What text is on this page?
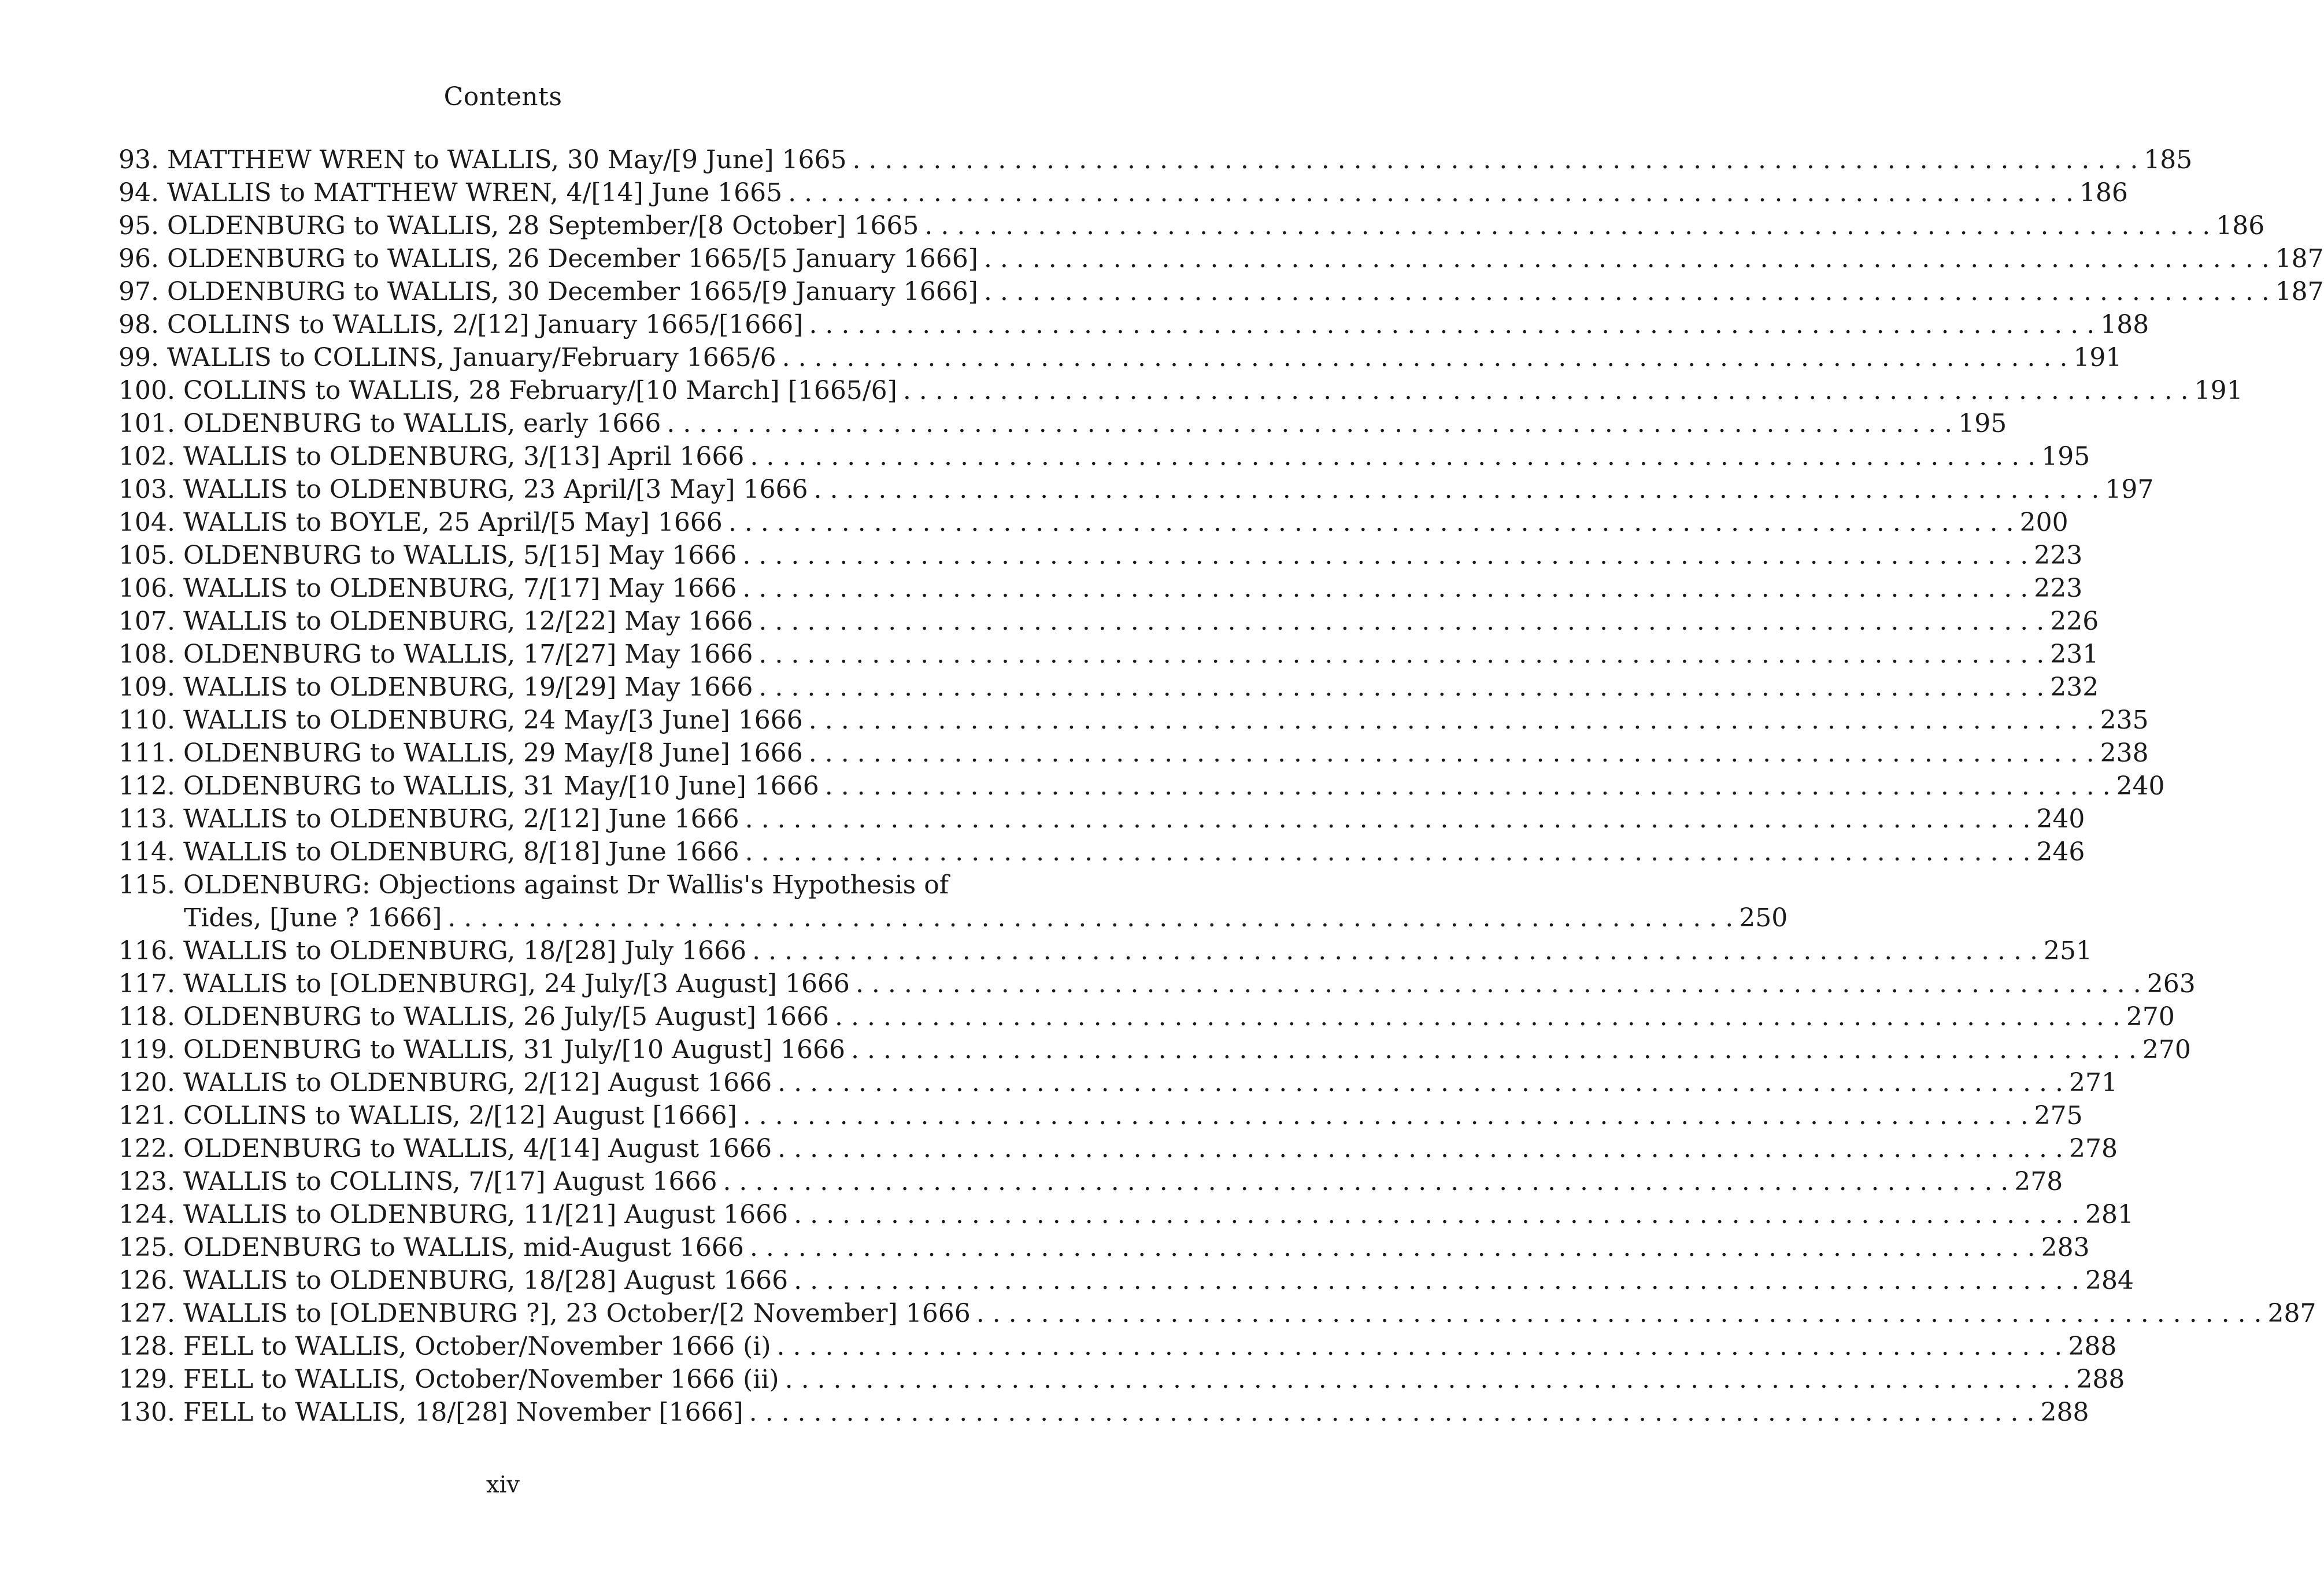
Contents
93. MATTHEW WREN to WALLIS, 30 May/[9 June] 1665 . . .	185
94. WALLIS to MATTHEW WREN, 4/[14] June 1665 . . .	186
95. OLDENBURG to WALLIS, 28 September/[8 October] 1665 . . .	186
96. OLDENBURG to WALLIS, 26 December 1665/[5 January 1666] . . .	187
97. OLDENBURG to WALLIS, 30 December 1665/[9 January 1666] . . .	187
98. COLLINS to WALLIS, 2/[12] January 1665/[1666] . . .	188
99. WALLIS to COLLINS, January/February 1665/6 . . .	191
100. COLLINS to WALLIS, 28 February/[10 March] [1665/6] . . .	191
101. OLDENBURG to WALLIS, early 1666 . . .	195
102. WALLIS to OLDENBURG, 3/[13] April 1666 . . .	195
103. WALLIS to OLDENBURG, 23 April/[3 May] 1666 . . .	197
104. WALLIS to BOYLE, 25 April/[5 May] 1666 . . .	200
105. OLDENBURG to WALLIS, 5/[15] May 1666 . . .	223
106. WALLIS to OLDENBURG, 7/[17] May 1666 . . .	223
107. WALLIS to OLDENBURG, 12/[22] May 1666 . . .	226
108. OLDENBURG to WALLIS, 17/[27] May 1666 . . .	231
109. WALLIS to OLDENBURG, 19/[29] May 1666 . . .	232
110. WALLIS to OLDENBURG, 24 May/[3 June] 1666 . . .	235
111. OLDENBURG to WALLIS, 29 May/[8 June] 1666 . . .	238
112. OLDENBURG to WALLIS, 31 May/[10 June] 1666 . . .	240
113. WALLIS to OLDENBURG, 2/[12] June 1666 . . .	240
114. WALLIS to OLDENBURG, 8/[18] June 1666 . . .	246
115. OLDENBURG: Objections against Dr Wallis's Hypothesis of
Tides, [June ? 1666] . . .	250
116. WALLIS to OLDENBURG, 18/[28] July 1666 . . .	251
117. WALLIS to [OLDENBURG], 24 July/[3 August] 1666 . . .	263
118. OLDENBURG to WALLIS, 26 July/[5 August] 1666 . . .	270
119. OLDENBURG to WALLIS, 31 July/[10 August] 1666 . . .	270
120. WALLIS to OLDENBURG, 2/[12] August 1666 . . .	271
121. COLLINS to WALLIS, 2/[12] August [1666] . . .	275
122. OLDENBURG to WALLIS, 4/[14] August 1666 . . .	278
123. WALLIS to COLLINS, 7/[17] August 1666 . . .	278
124. WALLIS to OLDENBURG, 11/[21] August 1666 . . .	281
125. OLDENBURG to WALLIS, mid-August 1666 . . .	283
126. WALLIS to OLDENBURG, 18/[28] August 1666 . . .	284
127. WALLIS to [OLDENBURG ?], 23 October/[2 November] 1666 . . .	287
128. FELL to WALLIS, October/November 1666 (i) . . .	288
129. FELL to WALLIS, October/November 1666 (ii) . . .	288
130. FELL to WALLIS, 18/[28] November [1666] . . .	288
xiv
